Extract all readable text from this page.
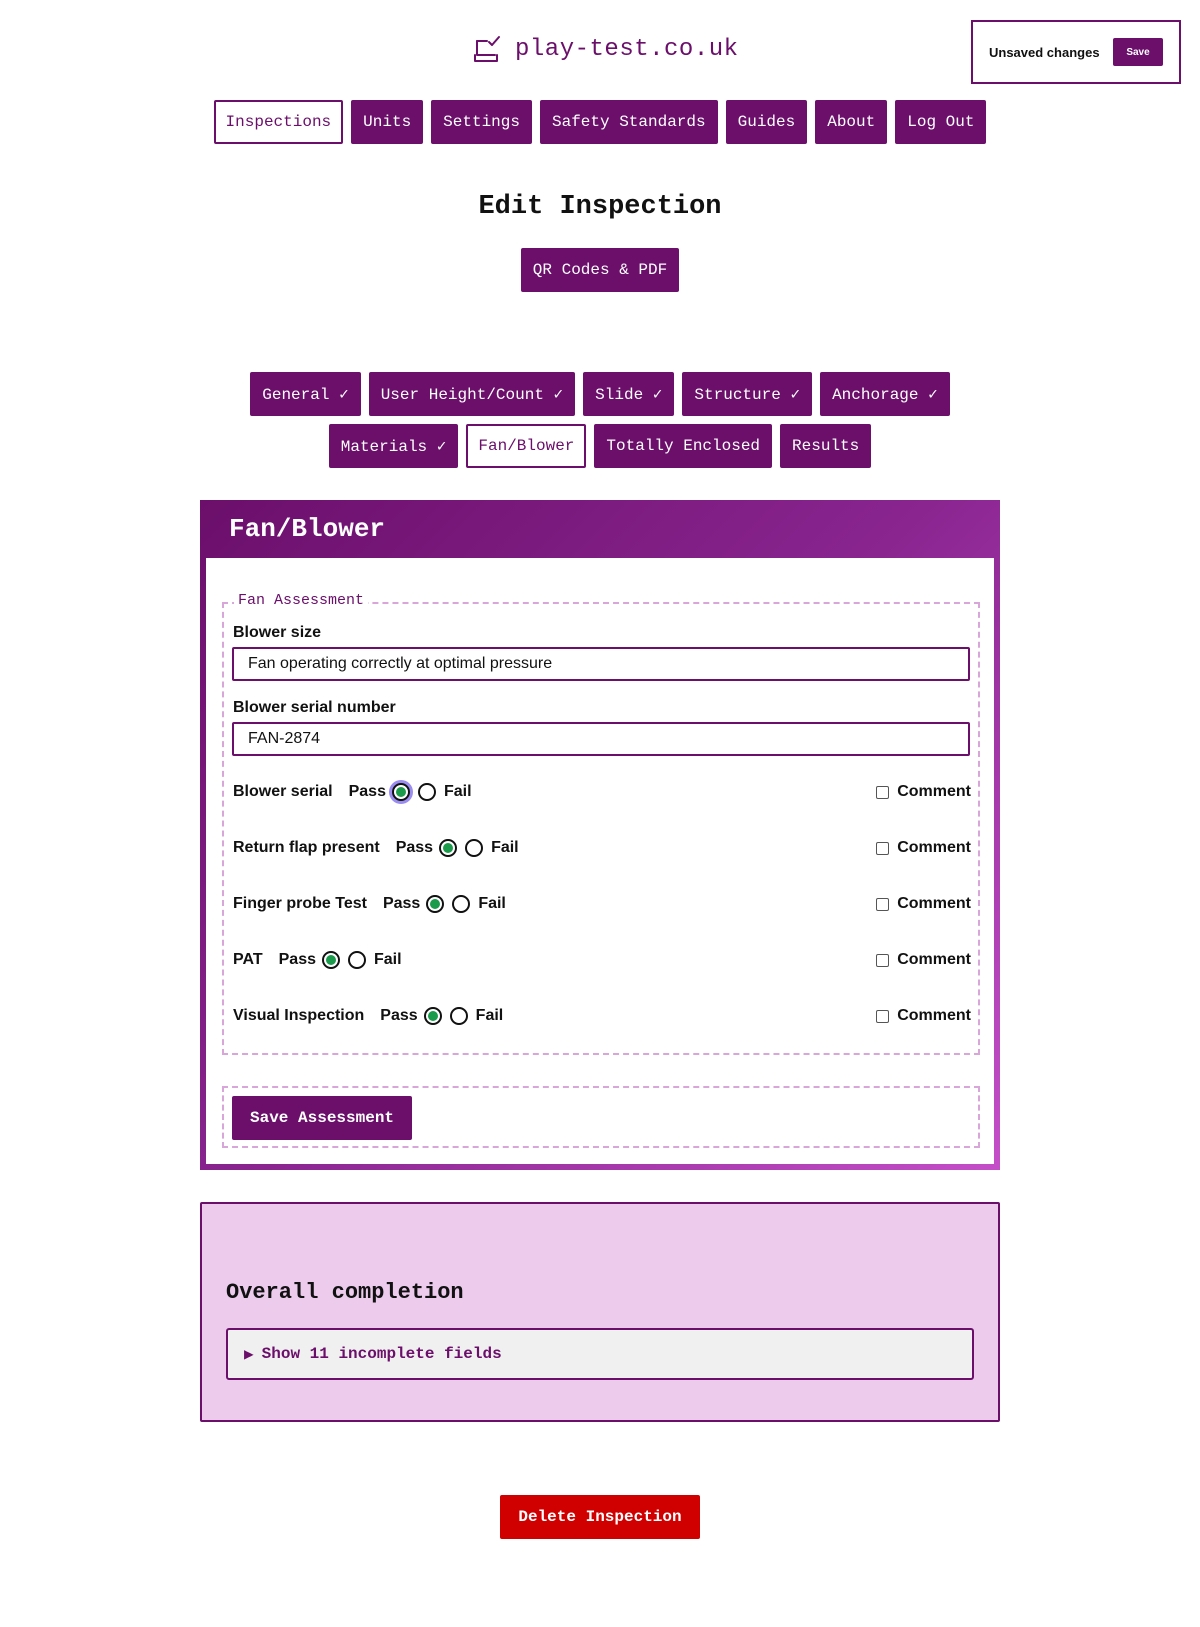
play-test.co.uk	Unsaved changes	Save
Inspections	Units	Settings	Safety Standards	Guides	About	Log Out
Edit Inspection
QR Codes & PDF
General ✓	User Height/Count ✓	Slide ✓	Structure ✓	Anchorage ✓
Materials ✓	Fan/Blower	Totally Enclosed	Results
Fan/Blower
Fan Assessment
Blower size
Fan operating correctly at optimal pressure
Blower serial number
FAN-2874
Blower serial Pass	Fail	Comment
Return flap present Pass	Fail	Comment
Finger probe Test Pass	Fail	Comment
PAT Pass	Fail	Comment
Visual Inspection Pass	Fail	Comment
Save Assessment
Overall completion
▶ Show 11 incomplete fields
Delete Inspection
